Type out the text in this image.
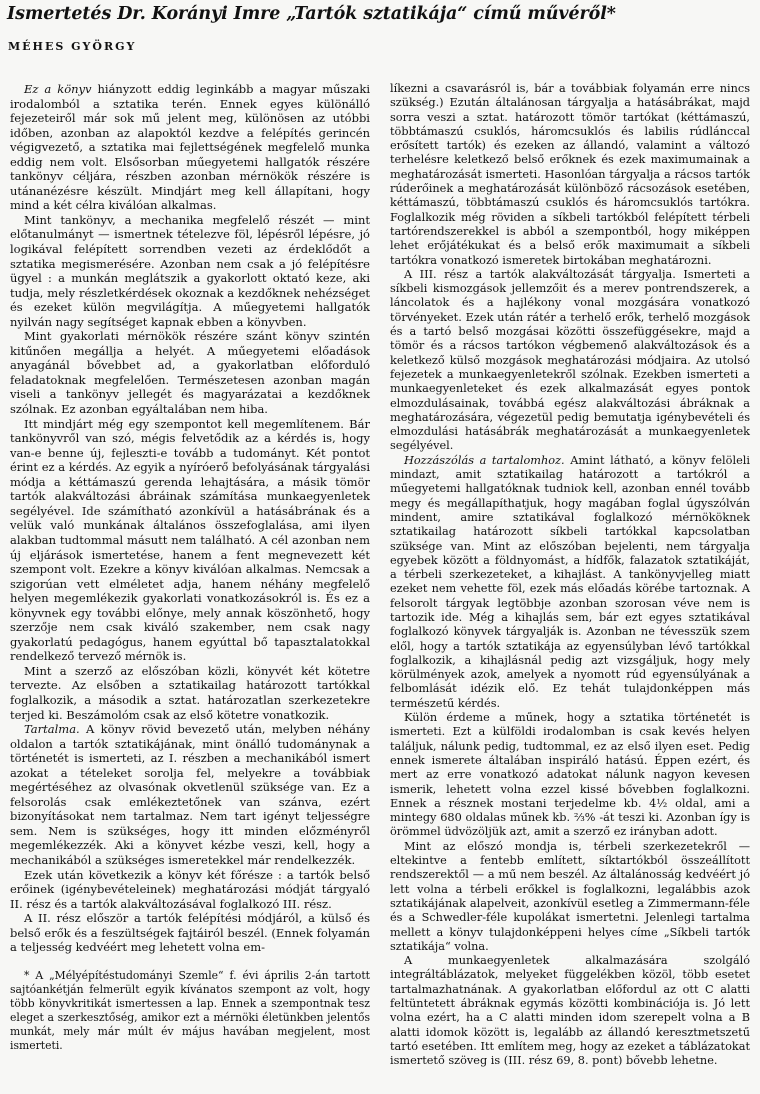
Ismertetés Dr. Korányi Imre „Tartók sztatikája“ című művéről*
MÉHES GYÖRGY

Ez a könyv hiányzott eddig leginkább a magyar műszaki irodalomból a sztatika terén. Ennek egyes különálló fejezeteiről már sok mű jelent meg, különösen az utóbbi időben, azonban az alapoktól kezdve a felépítés gerincén végigvezető, a sztatika mai fejlettségének megfelelő munka eddig nem volt. Elsősorban műegyetemi hallgatók részére tankönyv céljára, részben azonban mérnökök részére is utánanézésre készült. Mindjárt meg kell állapítani, hogy mind a két célra kiválóan alkalmas.

Mint tankönyv, a mechanika megfelelő részét — mint előtanulmányt — ismertnek tételezve föl, lépésről lépésre, jó logikával felépített sorrendben vezeti az érdeklődőt a sztatika megismerésére. Azonban nem csak a jó felépítésre ügyel : a munkán meglátszik a gyakorlott oktató keze, aki tudja, mely részletkérdések okoznak a kezdőknek nehézséget és ezeket külön megvilágítja. A műegyetemi hallgatók nyilván nagy segítséget kapnak ebben a könyvben.

Mint gyakorlati mérnökök részére szánt könyv szintén kitűnően megállja a helyét. A műegyetemi előadások anyagánál bővebbet ad, a gyakorlatban előforduló feladatoknak megfelelően. Természetesen azonban magán viseli a tankönyv jellegét és magyarázatai a kezdőknek szólnak. Ez azonban egyáltalában nem hiba.

Itt mindjárt még egy szempontot kell megemlítenem. Bár tankönyvről van szó, mégis felvetődik az a kérdés is, hogy van-e benne új, fejleszti-e tovább a tudományt. Két pontot érint ez a kérdés. Az egyik a nyíróerő befolyásának tárgyalási módja a kéttámaszú gerenda lehajtására, a másik tömör tartók alakváltozási ábráinak számítása munkaegyenletek segélyével. Ide számítható azonkívül a hatásábrának és a velük való munkának általános összefoglalása, ami ilyen alakban tudtommal másutt nem található. A cél azonban nem új eljárások ismertetése, hanem a fent megnevezett két szempont volt. Ezekre a könyv kiválóan alkalmas. Nemcsak a szigorúan vett elméletet adja, hanem néhány megfelelő helyen megemlékezik gyakorlati vonatkozásokról is. És ez a könyvnek egy további előnye, mely annak köszönhető, hogy szerzője nem csak kiváló szakember, nem csak nagy gyakorlatú pedagógus, hanem egyúttal bő tapasztalatokkal rendelkező tervező mérnök is.

Mint a szerző az előszóban közli, könyvét két kötetre tervezte. Az elsőben a sztatikailag határozott tartókkal foglalkozik, a második a sztat. határozatlan szerkezetekre terjed ki. Beszámolóm csak az első kötetre vonatkozik.

Tartalma. A könyv rövid bevezető után, melyben néhány oldalon a tartók sztatikájának, mint önálló tudománynak a történetét is ismerteti, az I. részben a mechanikából ismert azokat a tételeket sorolja fel, melyekre a továbbiak megértéséhez az olvasónak okvetlenül szüksége van. Ez a felsorolás csak emlékeztetőnek van szánva, ezért bizonyításokat nem tartalmaz. Nem tart igényt teljességre sem. Nem is szükséges, hogy itt minden előzményről megemlékezzék. Aki a könyvet kézbe veszi, kell, hogy a mechanikából a szükséges ismeretekkel már rendelkezzék.

Ezek után következik a könyv két főrésze : a tartók belső erőinek (igénybevételeinek) meghatározási módját tárgyaló II. rész és a tartók alakváltozásával foglalkozó III. rész.

A II. rész először a tartók felépítési módjáról, a külső és belső erők és a feszültségek fajtáiról beszél. (Ennek folyamán a teljesség kedvéért meg lehetett volna em-

* A „Mélyépítéstudományi Szemle“ f. évi április 2-án tartott sajtóankétján felmerült egyik kívánatos szempont az volt, hogy több könyvkritikát ismertessen a lap. Ennek a szempontnak tesz eleget a szerkesztőség, amikor ezt a mérnöki életünkben jelentős munkát, mely már múlt év május havában megjelent, most ismerteti.

líkezni a csavarásról is, bár a továbbiak folyamán erre nincs szükség.) Ezután általánosan tárgyalja a hatásábrákat, majd sorra veszi a sztat. határozott tömör tartókat (kéttámaszú, többtámaszú csuklós, háromcsuklós és labilis rúdlánccal erősített tartók) és ezeken az állandó, valamint a változó terhelésre keletkező belső erőknek és ezek maximumainak a meghatározását ismerteti. Hasonlóan tárgyalja a rácsos tartók rúderőinek a meghatározását különböző rácsozások esetében, kéttámaszú, többtámaszú csuklós és háromcsuklós tartókra. Foglalkozik még röviden a síkbeli tartókból felépített térbeli tartórendszerekkel is abból a szempontból, hogy miképpen lehet erőjátékukat és a belső erők maximumait a síkbeli tartókra vonatkozó ismeretek birtokában meghatározni.

A III. rész a tartók alakváltozását tárgyalja. Ismerteti a síkbeli kismozgások jellemzőit és a merev pontrendszerek, a láncolatok és a hajlékony vonal mozgására vonatkozó törvényeket. Ezek után rátér a terhelő erők, terhelő mozgások és a tartó belső mozgásai közötti összefüggésekre, majd a tömör és a rácsos tartókon végbemenő alakváltozások és a keletkező külső mozgások meghatározási módjaira. Az utolsó fejezetek a munkaegyenletekről szólnak. Ezekben ismerteti a munkaegyenleteket és ezek alkalmazását egyes pontok elmozdulásainak, továbbá egész alakváltozási ábráknak a meghatározására, végezetül pedig bemutatja igénybevételi és elmozdulási hatásábrák meghatározását a munkaegyenletek segélyével.

Hozzászólás a tartalomhoz. Amint látható, a könyv felöleli mindazt, amit sztatikailag határozott a tartókról a műegyetemi hallgatóknak tudniok kell, azonban ennél tovább megy és megállapíthatjuk, hogy magában foglal úgyszólván mindent, amire sztatikával foglalkozó mérnököknek sztatikailag határozott síkbeli tartókkal kapcsolatban szüksége van. Mint az előszóban bejelenti, nem tárgyalja egyebek között a földnyomást, a hídfők, falazatok sztatikáját, a térbeli szerkezeteket, a kihajlást. A tankönyvjelleg miatt ezeket nem vehette föl, ezek más előadás körébe tartoznak. A felsorolt tárgyak legtöbbje azonban szorosan véve nem is tartozik ide. Még a kihajlás sem, bár ezt egyes sztatikával foglalkozó könyvek tárgyalják is. Azonban ne tévesszük szem elől, hogy a tartók sztatikája az egyensúlyban lévő tartókkal foglalkozik, a kihajlásnál pedig azt vizsgáljuk, hogy mely körülmények azok, amelyek a nyomott rúd egyensúlyának a felbomlását idézik elő. Ez tehát tulajdonképpen más természetű kérdés.

Külön érdeme a műnek, hogy a sztatika történetét is ismerteti. Ezt a külföldi irodalomban is csak kevés helyen találjuk, nálunk pedig, tudtommal, ez az első ilyen eset. Pedig ennek ismerete általában inspiráló hatású. Éppen ezért, és mert az erre vonatkozó adatokat nálunk nagyon kevesen ismerik, lehetett volna ezzel kissé bővebben foglalkozni. Ennek a résznek mostani terjedelme kb. 4½ oldal, ami a mintegy 680 oldalas műnek kb. ⅔% -át teszi ki. Azonban így is örömmel üdvözöljük azt, amit a szerző ez irányban adott.

Mint az előszó mondja is, térbeli szerkezetekről — eltekintve a fentebb említett, síktartókból összeállított rendszerektől — a mű nem beszél. Az általánosság kedvéért jó lett volna a térbeli erőkkel is foglalkozni, legalábbis azok sztatikájának alapelveit, azonkívül esetleg a Zimmermann-féle és a Schwedler-féle kupolákat ismertetni. Jelenlegi tartalma mellett a könyv tulajdonképpeni helyes címe „Síkbeli tartók sztatikája“ volna.

A munkaegyenletek alkalmazására szolgáló integráltáblázatok, melyeket függelékben közöl, több esetet tartalmazhatnának. A gyakorlatban előfordul az ott C alatti feltüntetett ábráknak egymás közötti kombinációja is. Jó lett volna ezért, ha a C alatti minden idom szerepelt volna a B alatti idomok között is, legalább az állandó keresztmetszetű tartó esetében. Itt említem meg, hogy az ezeket a táblázatokat ismertető szöveg is (III. rész 69, 8. pont) bővebb lehetne.
